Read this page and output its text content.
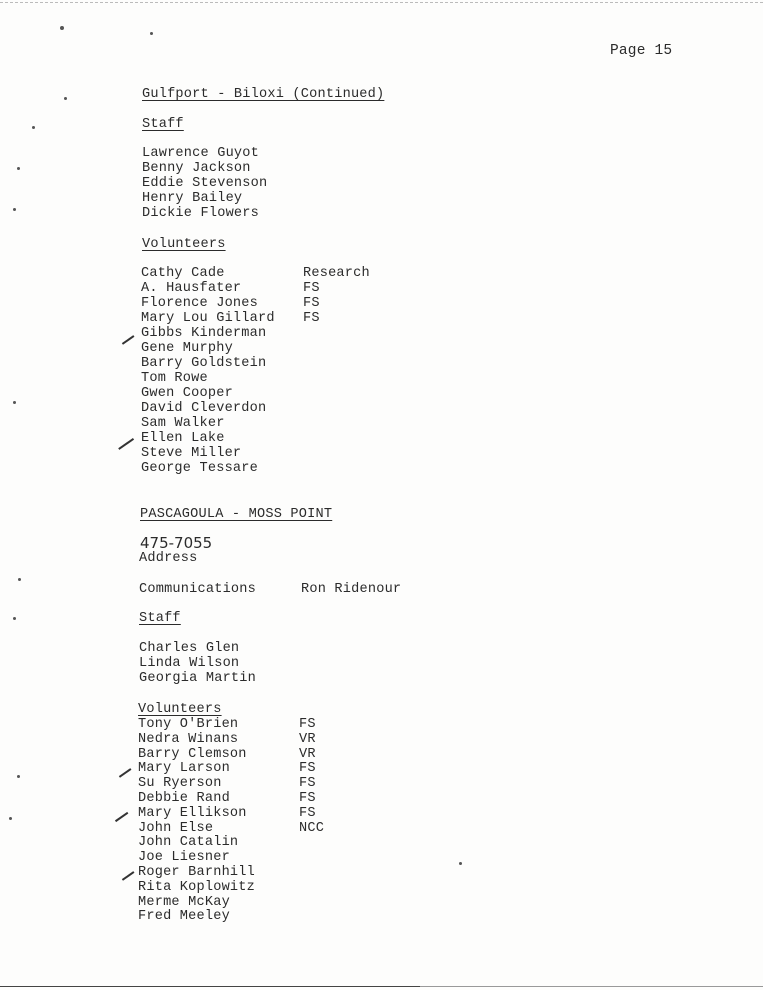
Page 15
Gulfport - Biloxi (Continued)
Staff
Lawrence Guyot
Benny Jackson
Eddie Stevenson
Henry Bailey
Dickie Flowers
Volunteers
Cathy Cade	Research
A. Hausfater	FS
Florence Jones	FS
Mary Lou Gillard FS
Gibbs Kinderman
Gene Murphy
Barry Goldstein
Tom Rowe
Gwen Cooper
David Cleverdon
Sam Walker
Ellen Lake
Steve Miller
George Tessare
PASCAGOULA - MOSS POINT
475-7055
Address
Communications	Ron Ridenour
Staff
Charles Glen
Linda Wilson
Georgia Martin
Volunteers
Tony O'Brien	FS
Nedra Winans	VR
Barry Clemson	VR
Mary Larson	FS
Su Ryerson	FS
Debbie Rand	FS
Mary Ellikson	FS
John Else	NCC
John Catalin
Joe Liesner
Roger Barnhill
Rita Koplowitz
Merme McKay
Fred Meeley
